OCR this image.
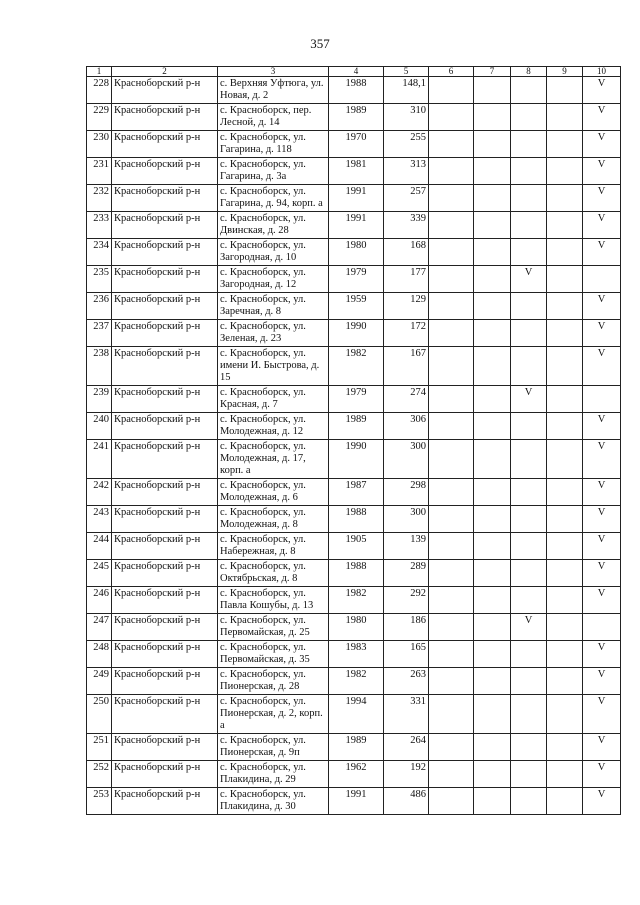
357
1	2	3	4	5	6	7	8	9	10
228	Красноборский р-н	с. Верхняя Уфтюга, ул. Новая, д. 2	1988	148,1					V
229	Красноборский р-н	с. Красноборск, пер. Лесной, д. 14	1989	310					V
230	Красноборский р-н	с. Красноборск, ул. Гагарина, д. 118	1970	255					V
231	Красноборский р-н	с. Красноборск, ул. Гагарина, д. 3а	1981	313					V
232	Красноборский р-н	с. Красноборск, ул. Гагарина, д. 94, корп. а	1991	257					V
233	Красноборский р-н	с. Красноборск, ул. Двинская, д. 28	1991	339					V
234	Красноборский р-н	с. Красноборск, ул. Загородная, д. 10	1980	168					V
235	Красноборский р-н	с. Красноборск, ул. Загородная, д. 12	1979	177			V		
236	Красноборский р-н	с. Красноборск, ул. Заречная, д. 8	1959	129					V
237	Красноборский р-н	с. Красноборск, ул. Зеленая, д. 23	1990	172					V
238	Красноборский р-н	с. Красноборск, ул. имени И. Быстрова, д. 15	1982	167					V
239	Красноборский р-н	с. Красноборск, ул. Красная, д. 7	1979	274			V		
240	Красноборский р-н	с. Красноборск, ул. Молодежная, д. 12	1989	306					V
241	Красноборский р-н	с. Красноборск, ул. Молодежная, д. 17, корп. а	1990	300					V
242	Красноборский р-н	с. Красноборск, ул. Молодежная, д. 6	1987	298					V
243	Красноборский р-н	с. Красноборск, ул. Молодежная, д. 8	1988	300					V
244	Красноборский р-н	с. Красноборск, ул. Набережная, д. 8	1905	139					V
245	Красноборский р-н	с. Красноборск, ул. Октябрьская, д. 8	1988	289					V
246	Красноборский р-н	с. Красноборск, ул. Павла Кошубы, д. 13	1982	292					V
247	Красноборский р-н	с. Красноборск, ул. Первомайская, д. 25	1980	186			V		
248	Красноборский р-н	с. Красноборск, ул. Первомайская, д. 35	1983	165					V
249	Красноборский р-н	с. Красноборск, ул. Пионерская, д. 28	1982	263					V
250	Красноборский р-н	с. Красноборск, ул. Пионерская, д. 2, корп. а	1994	331					V
251	Красноборский р-н	с. Красноборск, ул. Пионерская, д. 9п	1989	264					V
252	Красноборский р-н	с. Красноборск, ул. Плакидина, д. 29	1962	192					V
253	Красноборский р-н	с. Красноборск, ул. Плакидина, д. 30	1991	486					V
